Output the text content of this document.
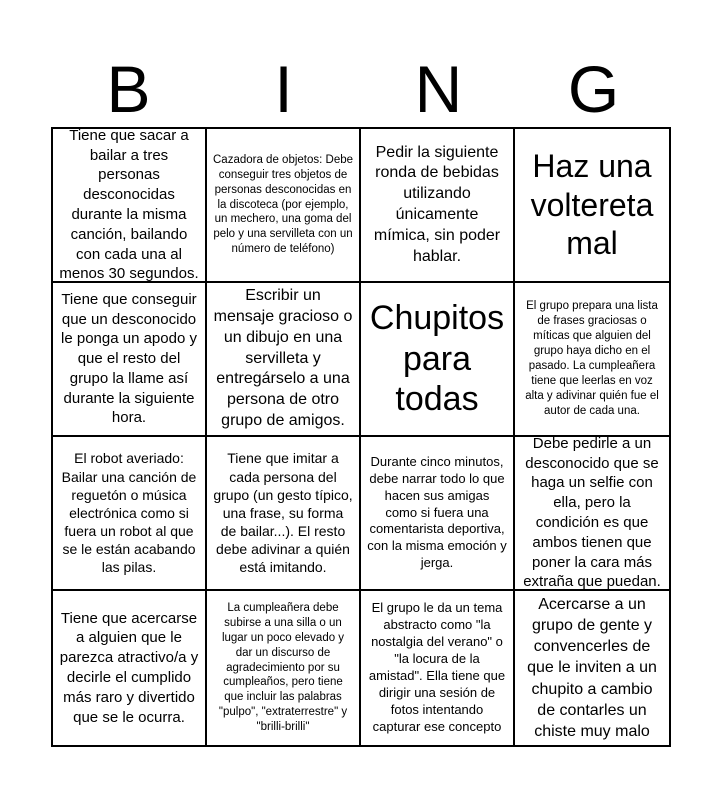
B	I	N	G
Tiene que sacar a bailar a tres personas desconocidas durante la misma canción, bailando con cada una al menos 30 segundos.
Cazadora de objetos: Debe conseguir tres objetos de personas desconocidas en la discoteca (por ejemplo, un mechero, una goma del pelo y una servilleta con un número de teléfono)
Pedir la siguiente ronda de bebidas utilizando únicamente mímica, sin poder hablar.
Haz una voltereta mal
Tiene que conseguir que un desconocido le ponga un apodo y que el resto del grupo la llame así durante la siguiente hora.
Escribir un mensaje gracioso o un dibujo en una servilleta y entregárselo a una persona de otro grupo de amigos.
Chupitos para todas
El grupo prepara una lista de frases graciosas o míticas que alguien del grupo haya dicho en el pasado. La cumpleañera tiene que leerlas en voz alta y adivinar quién fue el autor de cada una.
El robot averiado: Bailar una canción de reguetón o música electrónica como si fuera un robot al que se le están acabando las pilas.
Tiene que imitar a cada persona del grupo (un gesto típico, una frase, su forma de bailar...). El resto debe adivinar a quién está imitando.
Durante cinco minutos, debe narrar todo lo que hacen sus amigas como si fuera una comentarista deportiva, con la misma emoción y jerga.
Debe pedirle a un desconocido que se haga un selfie con ella, pero la condición es que ambos tienen que poner la cara más extraña que puedan.
Tiene que acercarse a alguien que le parezca atractivo/a y decirle el cumplido más raro y divertido que se le ocurra.
La cumpleañera debe subirse a una silla o un lugar un poco elevado y dar un discurso de agradecimiento por su cumpleaños, pero tiene que incluir las palabras "pulpo", "extraterrestre" y "brilli-brilli"
El grupo le da un tema abstracto como "la nostalgia del verano" o "la locura de la amistad". Ella tiene que dirigir una sesión de fotos intentando capturar ese concepto
Acercarse a un grupo de gente y convencerles de que le inviten a un chupito a cambio de contarles un chiste muy malo
